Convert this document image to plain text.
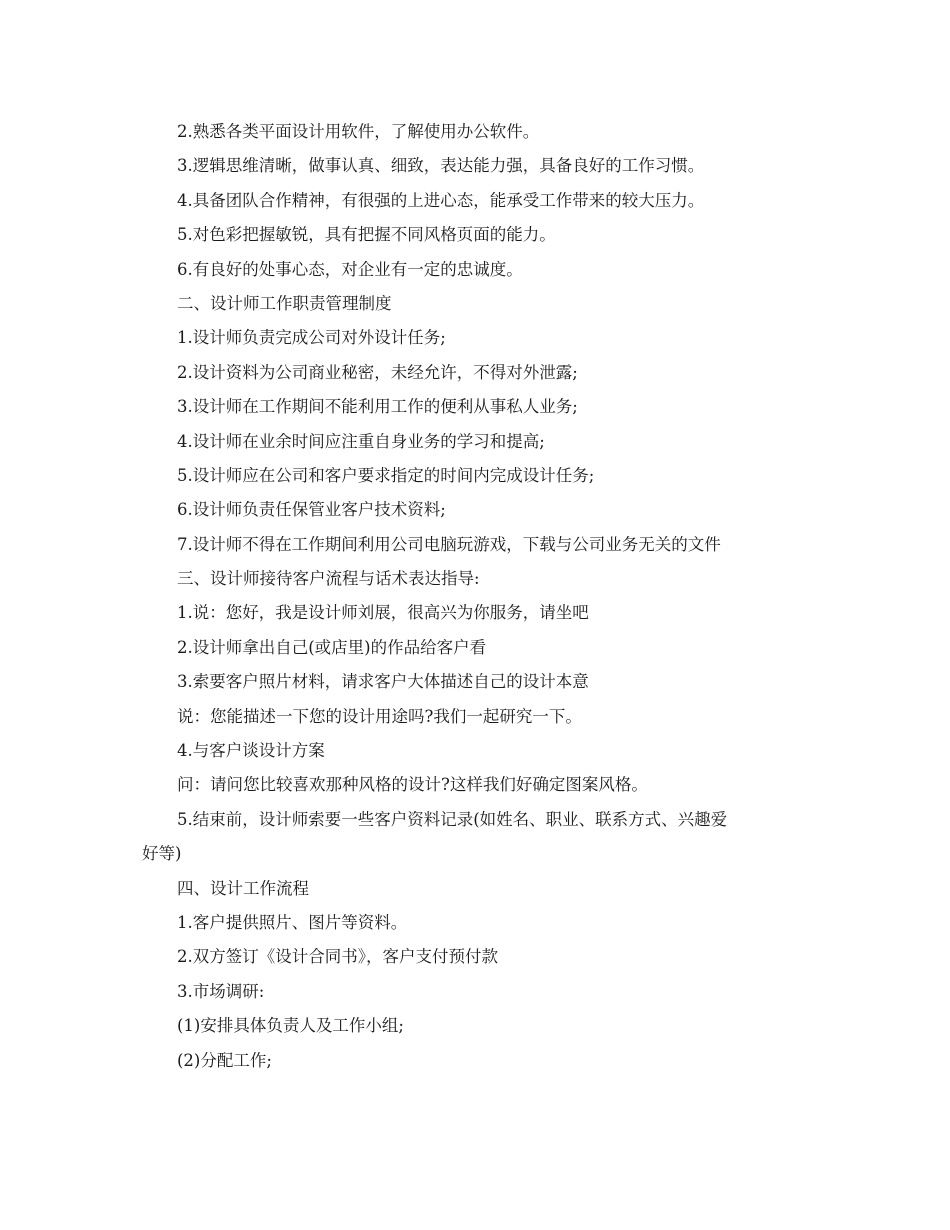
2.熟悉各类平面设计用软件，了解使用办公软件。
3.逻辑思维清晰，做事认真、细致，表达能力强，具备良好的工作习惯。
4.具备团队合作精神，有很强的上进心态，能承受工作带来的较大压力。
5.对色彩把握敏锐，具有把握不同风格页面的能力。
6.有良好的处事心态，对企业有一定的忠诚度。
二、设计师工作职责管理制度
1.设计师负责完成公司对外设计任务;
2.设计资料为公司商业秘密，未经允许，不得对外泄露;
3.设计师在工作期间不能利用工作的便利从事私人业务;
4.设计师在业余时间应注重自身业务的学习和提高;
5.设计师应在公司和客户要求指定的时间内完成设计任务;
6.设计师负责任保管业客户技术资料;
7.设计师不得在工作期间利用公司电脑玩游戏，下载与公司业务无关的文件
三、设计师接待客户流程与话术表达指导:
1.说：您好，我是设计师刘展，很高兴为你服务，请坐吧
2.设计师拿出自己(或店里)的作品给客户看
3.索要客户照片材料，请求客户大体描述自己的设计本意
说：您能描述一下您的设计用途吗?我们一起研究一下。
4.与客户谈设计方案
问：请问您比较喜欢那种风格的设计?这样我们好确定图案风格。
5.结束前，设计师索要一些客户资料记录(如姓名、职业、联系方式、兴趣爱
好等)
四、设计工作流程
1.客户提供照片、图片等资料。
2.双方签订《设计合同书》，客户支付预付款
3.市场调研:
(1)安排具体负责人及工作小组;
(2)分配工作;
